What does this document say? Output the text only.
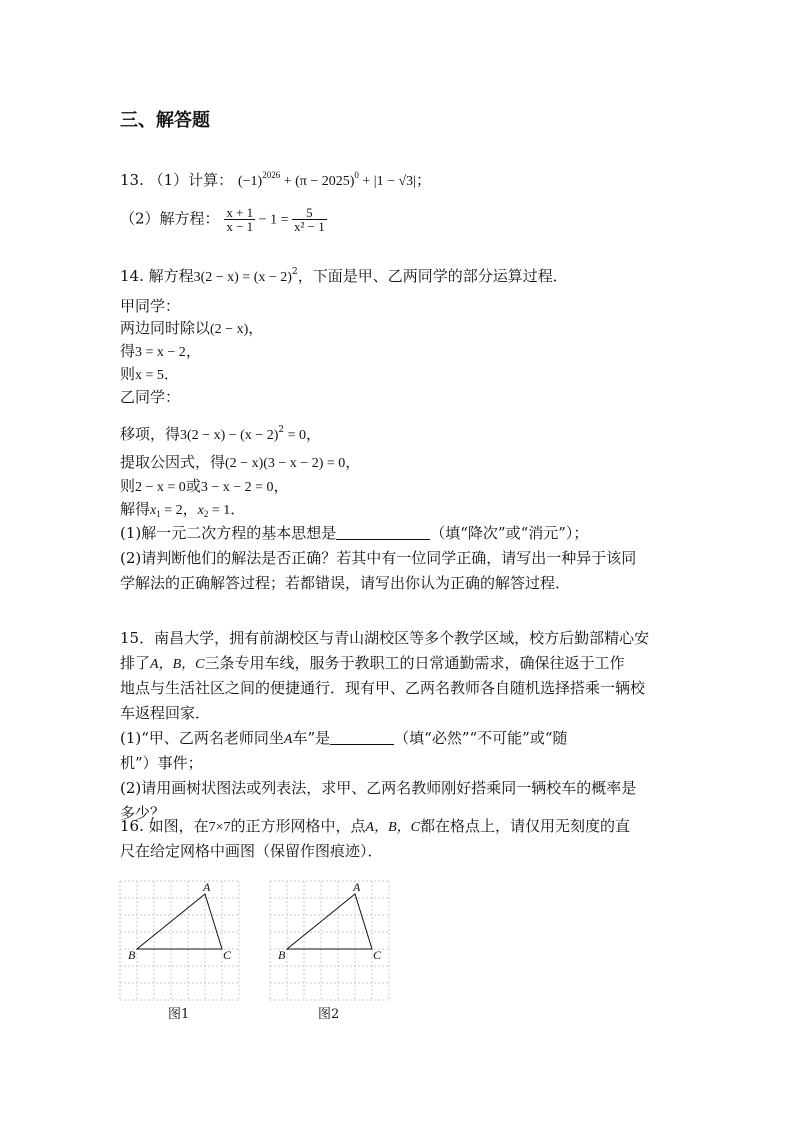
三、解答题
13. （1）计算： $(-1)^{2026} + (\pi - 2025)^0 + |1 - √3|$；
（2）解方程： $\frac{x + 1}{x - 1} - 1 = \frac{5}{\text{x² − 1}}$
14. 解方程$3(2 - x) = (x - 2)^2$，下面是甲、乙两同学的部分运算过程．
甲同学：
两边同时除以(2 − x)，
得3 = x − 2，
则x = 5．
乙同学：
移项，得$3(2 - x) - (x - 2)^2 = 0$，
提取公因式，得(2 − x)(3 − x − 2) = 0，
则2 − x = 0或3 − x − 2 = 0，
解得$x_1 = 2$，$x_2 = 1$．
(1)解一元二次方程的基本思想是	（填“降次”或“消元”）；
(2)请判断他们的解法是否正确？若其中有一位同学正确，请写出一种异于该同
学解法的正确解答过程；若都错误，请写出你认为正确的解答过程．
15．南昌大学，拥有前湖校区与青山湖校区等多个教学区域，校方后勤部精心安
排了A，B，C三条专用车线，服务于教职工的日常通勤需求，确保往返于工作
地点与生活社区之间的便捷通行．现有甲、乙两名教师各自随机选择搭乘一辆校
车返程回家．
(1)“甲、乙两名老师同坐A车”是	（填“必然”“不可能”或“随
机”）事件；
(2)请用画树状图法或列表法，求甲、乙两名教师刚好搭乘同一辆校车的概率是
多少？
16. 如图，在7×7的正方形网格中，点A，B，C都在格点上，请仅用无刻度的直
尺在给定网格中画图（保留作图痕迹）．
A
B	C
图1
A
B	C
图2
